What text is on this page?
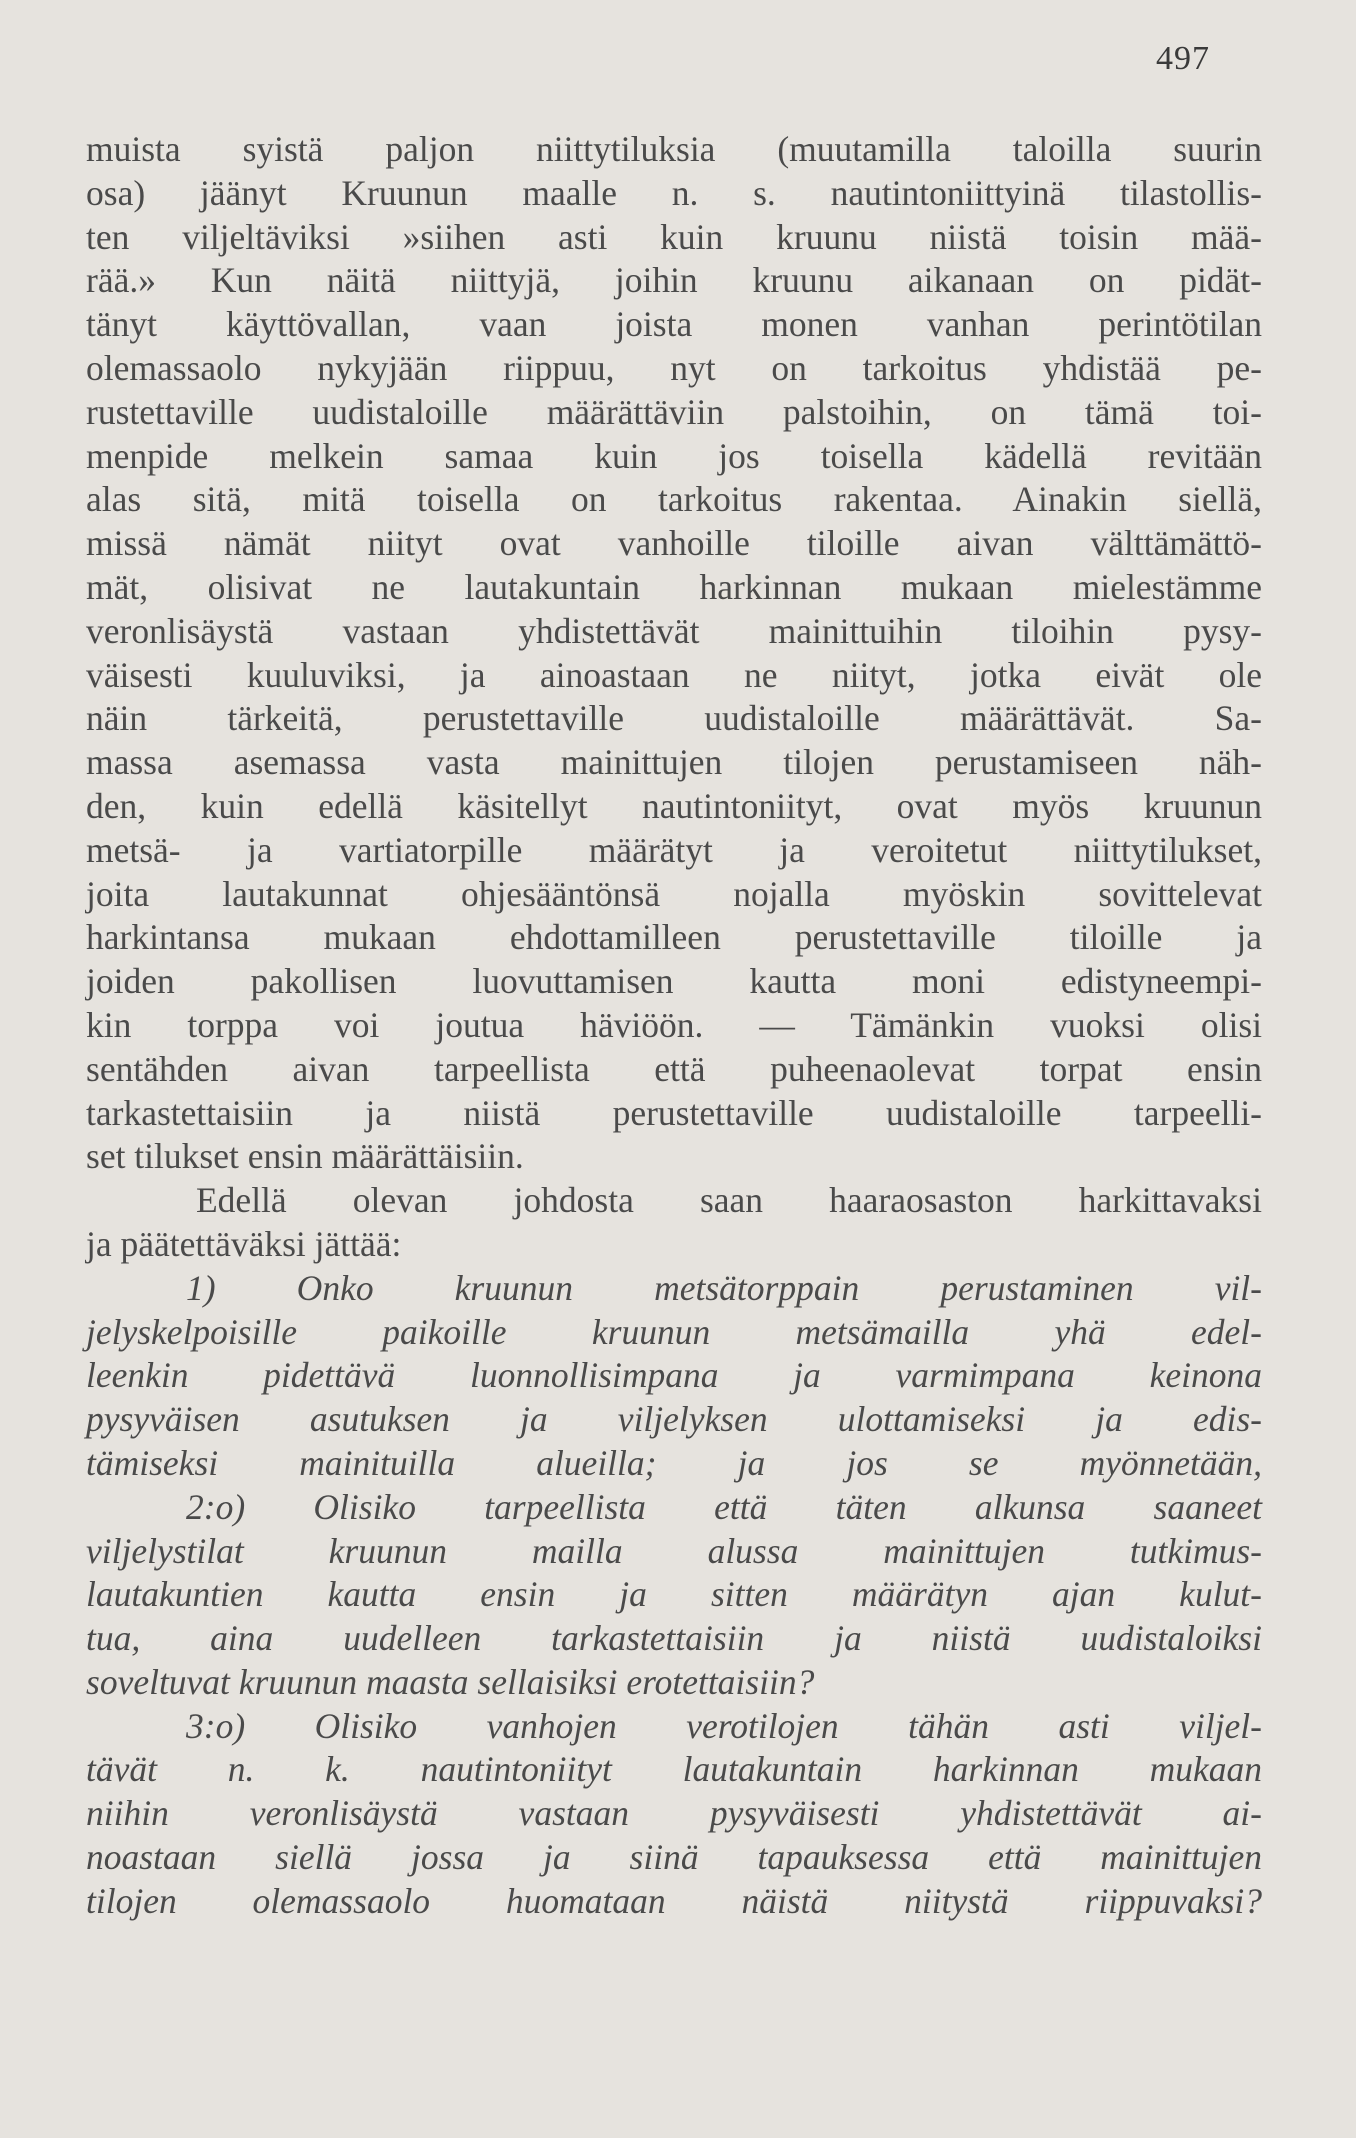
497
muista syistä paljon niittytiluksia (muutamilla taloilla suurin
osa) jäänyt Kruunun maalle n. s. nautintoniittyinä tilastollis-
ten viljeltäviksi »siihen asti kuin kruunu niistä toisin mää-
rää.» Kun näitä niittyjä, joihin kruunu aikanaan on pidät-
tänyt käyttövallan, vaan joista monen vanhan perintötilan
olemassaolo nykyjään riippuu, nyt on tarkoitus yhdistää pe-
rustettaville uudistaloille määrättäviin palstoihin, on tämä toi-
menpide melkein samaa kuin jos toisella kädellä revitään
alas sitä, mitä toisella on tarkoitus rakentaa. Ainakin siellä,
missä nämät niityt ovat vanhoille tiloille aivan välttämättö-
mät, olisivat ne lautakuntain harkinnan mukaan mielestämme
veronlisäystä vastaan yhdistettävät mainittuihin tiloihin pysy-
väisesti kuuluviksi, ja ainoastaan ne niityt, jotka eivät ole
näin tärkeitä, perustettaville uudistaloille määrättävät. Sa-
massa asemassa vasta mainittujen tilojen perustamiseen näh-
den, kuin edellä käsitellyt nautintoniityt, ovat myös kruunun
metsä- ja vartiatorpille määrätyt ja veroitetut niittytilukset,
joita lautakunnat ohjesääntönsä nojalla myöskin sovittelevat
harkintansa mukaan ehdottamilleen perustettaville tiloille ja
joiden pakollisen luovuttamisen kautta moni edistyneempi-
kin torppa voi joutua häviöön. — Tämänkin vuoksi olisi
sentähden aivan tarpeellista että puheenaolevat torpat ensin
tarkastettaisiin ja niistä perustettaville uudistaloille tarpeelli-
set tilukset ensin määrättäisiin.
Edellä olevan johdosta saan haaraosaston harkittavaksi
ja päätettäväksi jättää:
1) Onko kruunun metsätorppain perustaminen vil-
jelyskelpoisille paikoille kruunun metsämailla yhä edel-
leenkin pidettävä luonnollisimpana ja varmimpana keinona
pysyväisen asutuksen ja viljelyksen ulottamiseksi ja edis-
tämiseksi mainituilla alueilla; ja jos se myönnetään,
2:o) Olisiko tarpeellista että täten alkunsa saaneet
viljelystilat kruunun mailla alussa mainittujen tutkimus-
lautakuntien kautta ensin ja sitten määrätyn ajan kulut-
tua, aina uudelleen tarkastettaisiin ja niistä uudistaloiksi
soveltuvat kruunun maasta sellaisiksi erotettaisiin?
3:o) Olisiko vanhojen verotilojen tähän asti viljel-
tävät n. k. nautintoniityt lautakuntain harkinnan mukaan
niihin veronlisäystä vastaan pysyväisesti yhdistettävät ai-
noastaan siellä jossa ja siinä tapauksessa että mainittujen
tilojen olemassaolo huomataan näistä niitystä riippuvaksi?
